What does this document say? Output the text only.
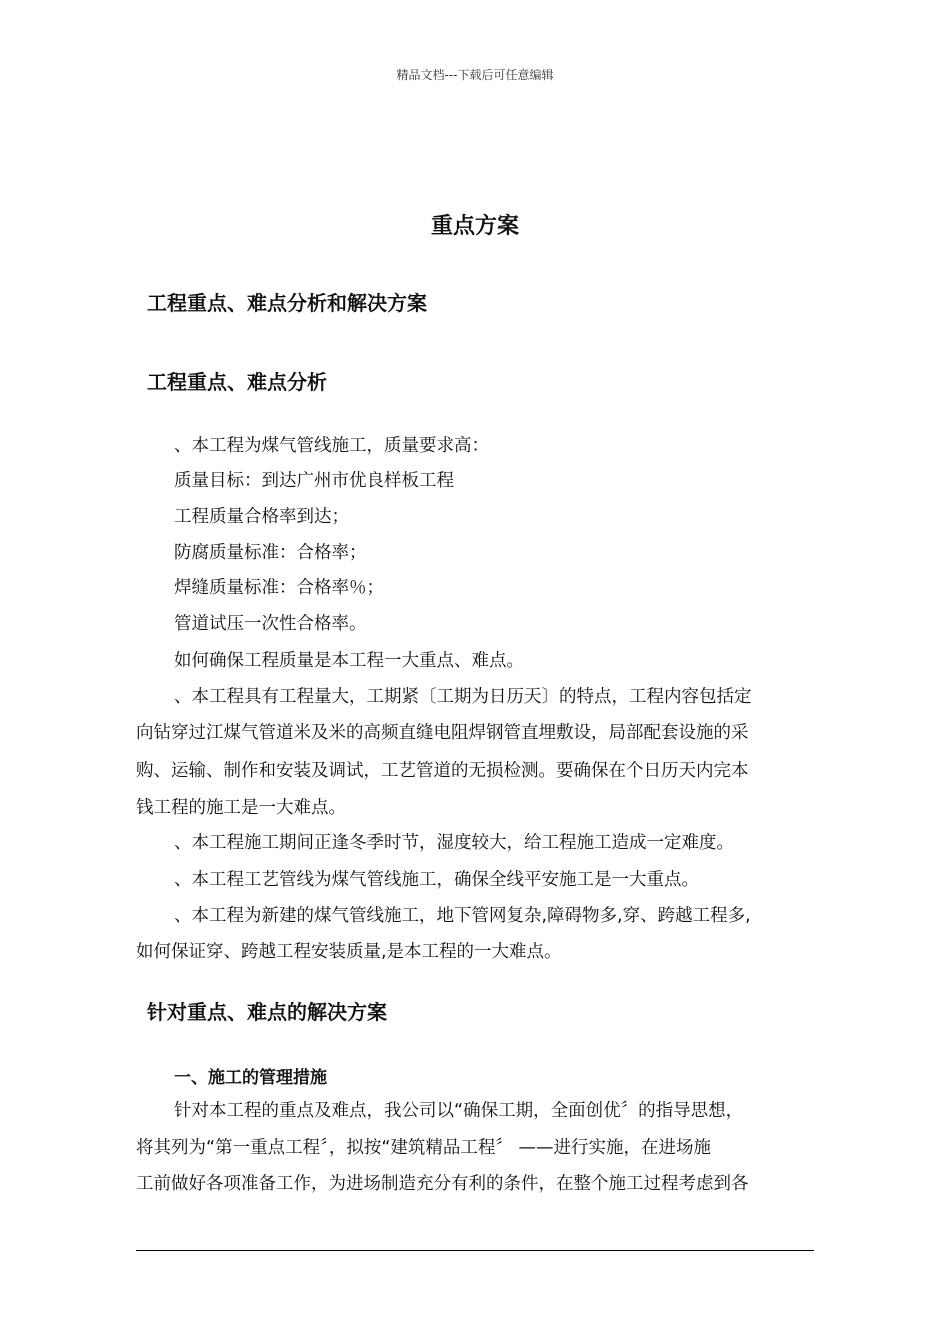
精品文档---下载后可任意编辑
重点方案
工程重点、难点分析和解决方案
工程重点、难点分析

、本工程为煤气管线施工，质量要求高：

质量目标：到达广州市优良样板工程

工程质量合格率到达；

防腐质量标准：合格率；

焊缝质量标准：合格率％；

管道试压一次性合格率。

如何确保工程质量是本工程一大重点、难点。

、本工程具有工程量大，工期紧〔工期为日历天〕的特点，工程内容包括定

向钻穿过江煤气管道米及米的高频直缝电阻焊钢管直埋敷设，局部配套设施的采

购、运输、制作和安装及调试，工艺管道的无损检测。要确保在个日历天内完本

钱工程的施工是一大难点。

、本工程施工期间正逢冬季时节，湿度较大，给工程施工造成一定难度。

、本工程工艺管线为煤气管线施工，确保全线平安施工是一大重点。

、本工程为新建的煤气管线施工，地下管网复杂,障碍物多,穿、跨越工程多,

如何保证穿、跨越工程安装质量,是本工程的一大难点。

针对重点、难点的解决方案
一、施工的管理措施

针对本工程的重点及难点，我公司以“确保工期，全面创优〞的指导思想，

将其列为“第一重点工程〞，拟按“建筑精品工程〞 ——进行实施，在进场施

工前做好各项准备工作，为进场制造充分有利的条件，在整个施工过程考虑到各
